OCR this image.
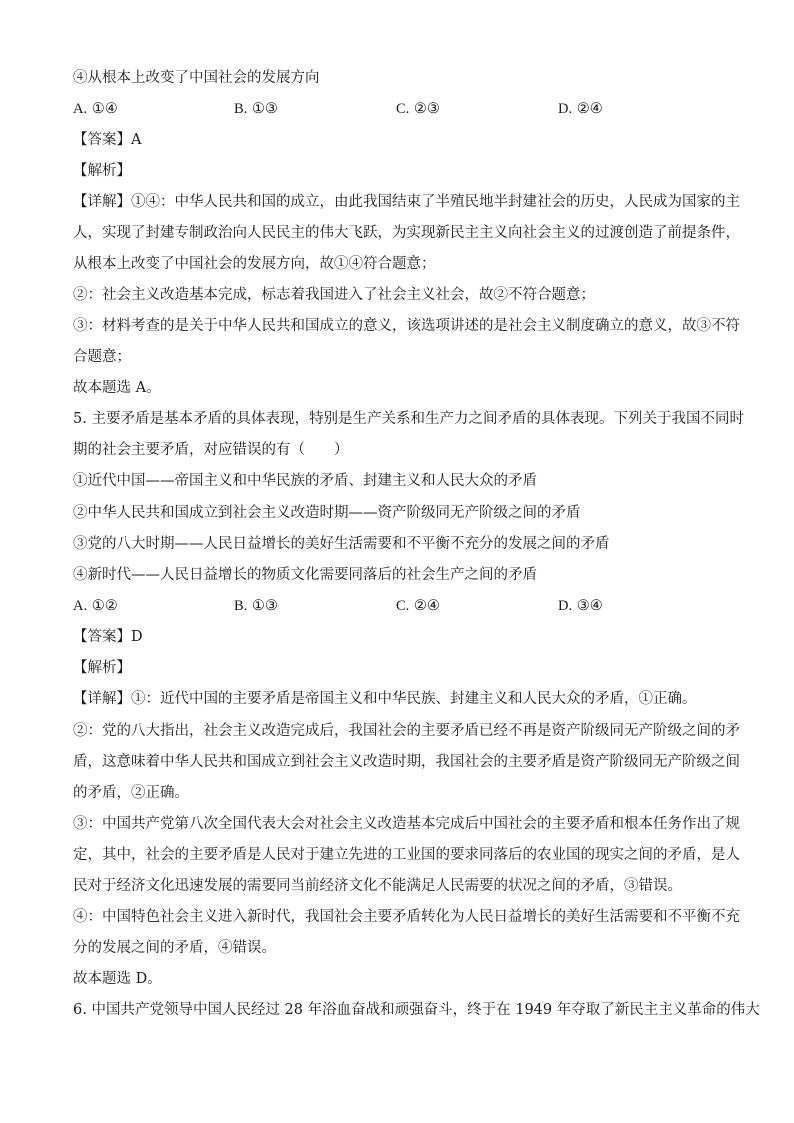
④从根本上改变了中国社会的发展方向
A. ①④	B. ①③	C. ②③	D. ②④
【答案】A
【解析】
【详解】①④：中华人民共和国的成立，由此我国结束了半殖民地半封建社会的历史，人民成为国家的主
人，实现了封建专制政治向人民民主的伟大飞跃，为实现新民主主义向社会主义的过渡创造了前提条件，
从根本上改变了中国社会的发展方向，故①④符合题意；
②：社会主义改造基本完成，标志着我国进入了社会主义社会，故②不符合题意；
③：材料考查的是关于中华人民共和国成立的意义，该选项讲述的是社会主义制度确立的意义，故③不符
合题意；
故本题选 A。
5. 主要矛盾是基本矛盾的具体表现，特别是生产关系和生产力之间矛盾的具体表现。下列关于我国不同时
期的社会主要矛盾，对应错误的有（　　）
①近代中国——帝国主义和中华民族的矛盾、封建主义和人民大众的矛盾
②中华人民共和国成立到社会主义改造时期——资产阶级同无产阶级之间的矛盾
③党的八大时期——人民日益增长的美好生活需要和不平衡不充分的发展之间的矛盾
④新时代——人民日益增长的物质文化需要同落后的社会生产之间的矛盾
A. ①②	B. ①③	C. ②④	D. ③④
【答案】D
【解析】
【详解】①：近代中国的主要矛盾是帝国主义和中华民族、封建主义和人民大众的矛盾，①正确。
②：党的八大指出，社会主义改造完成后，我国社会的主要矛盾已经不再是资产阶级同无产阶级之间的矛
盾，这意味着中华人民共和国成立到社会主义改造时期，我国社会的主要矛盾是资产阶级同无产阶级之间
的矛盾，②正确。
③：中国共产党第八次全国代表大会对社会主义改造基本完成后中国社会的主要矛盾和根本任务作出了规
定，其中，社会的主要矛盾是人民对于建立先进的工业国的要求同落后的农业国的现实之间的矛盾，是人
民对于经济文化迅速发展的需要同当前经济文化不能满足人民需要的状况之间的矛盾，③错误。
④：中国特色社会主义进入新时代，我国社会主要矛盾转化为人民日益增长的美好生活需要和不平衡不充
分的发展之间的矛盾，④错误。
故本题选 D。
6. 中国共产党领导中国人民经过 28 年浴血奋战和顽强奋斗，终于在 1949 年夺取了新民主主义革命的伟大
